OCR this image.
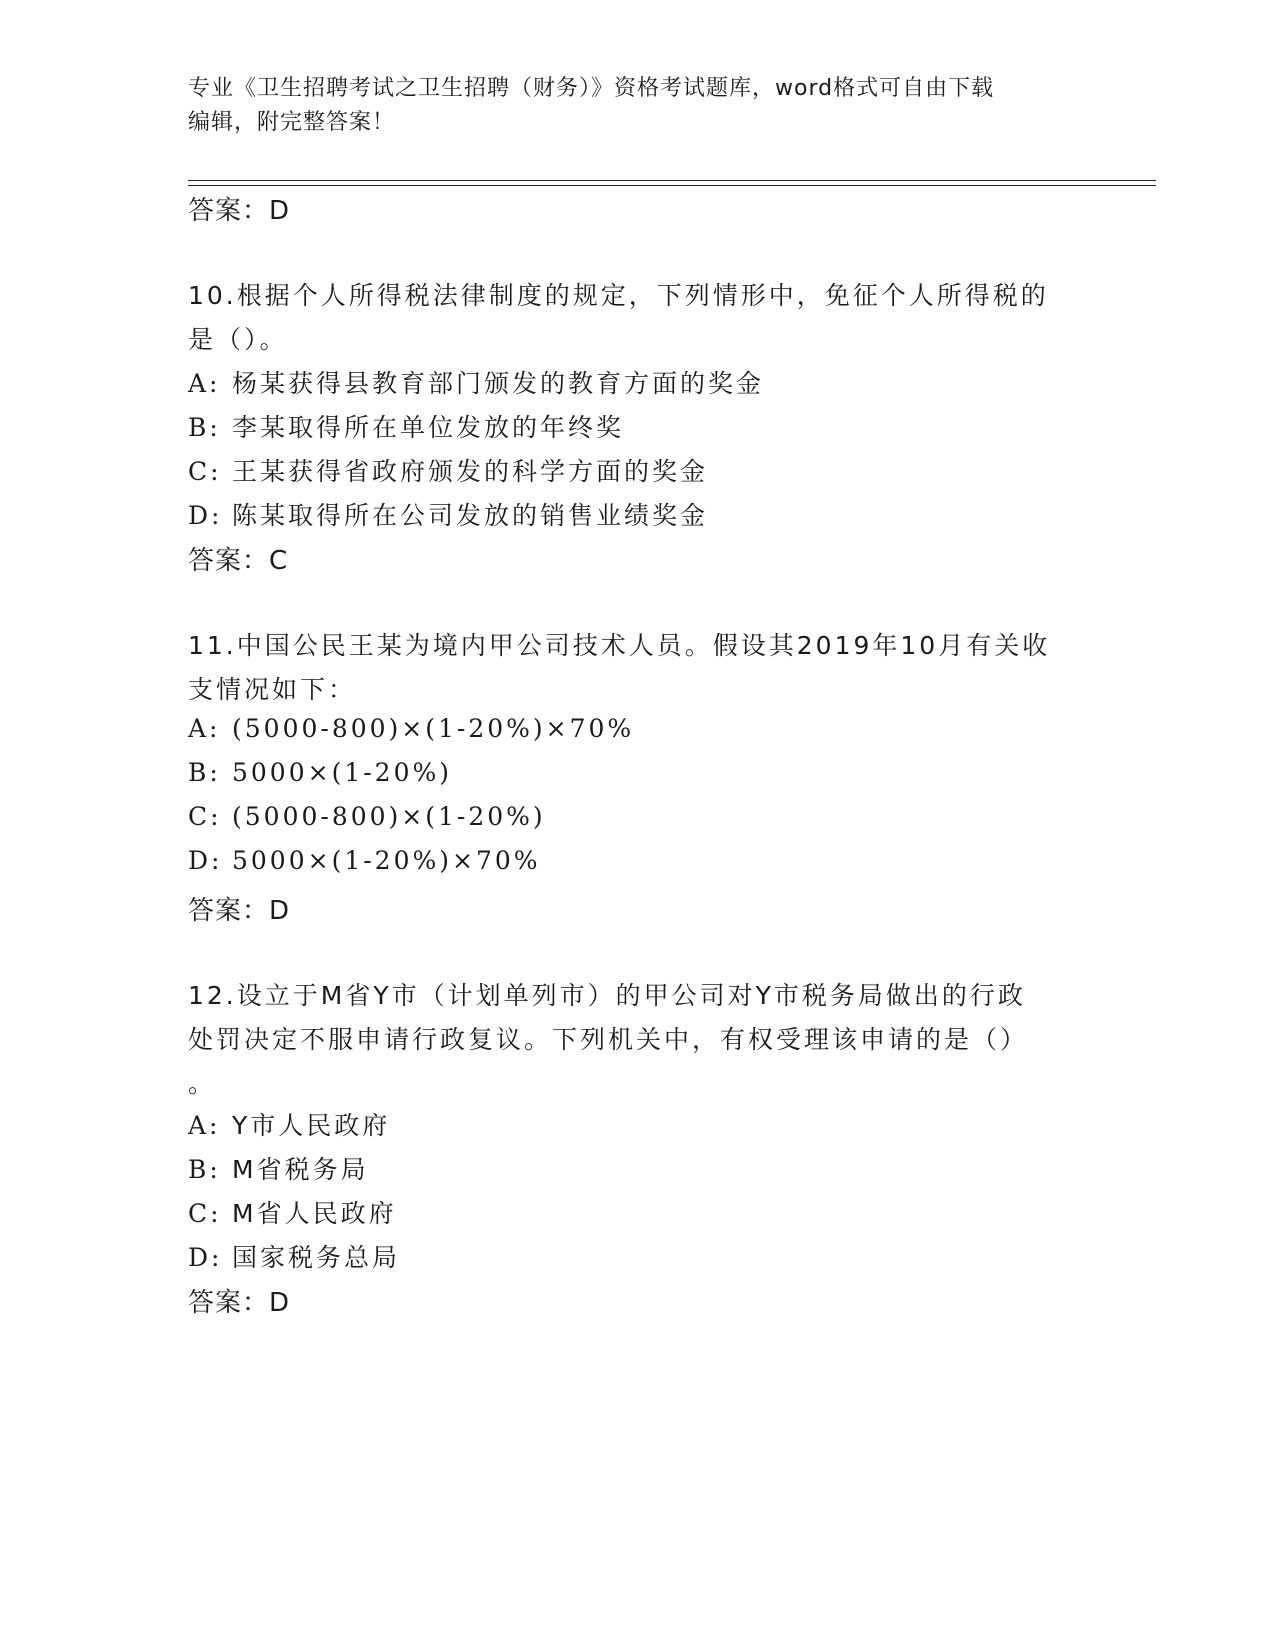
专业《卫生招聘考试之卫生招聘（财务）》资格考试题库，word格式可自由下载
编辑，附完整答案！
答案：D
10.根据个人所得税法律制度的规定，下列情形中，免征个人所得税的
是（）。
A: 杨某获得县教育部门颁发的教育方面的奖金
B: 李某取得所在单位发放的年终奖
C: 王某获得省政府颁发的科学方面的奖金
D: 陈某取得所在公司发放的销售业绩奖金
答案：C
11.中国公民王某为境内甲公司技术人员。假设其2019年10月有关收
支情况如下：
A: (5000-800)×(1-20%)×70%
B: 5000×(1-20%)
C: (5000-800)×(1-20%)
D: 5000×(1-20%)×70%
答案：D
12.设立于M省Y市（计划单列市）的甲公司对Y市税务局做出的行政
处罚决定不服申请行政复议。下列机关中，有权受理该申请的是（）
。
A: Y市人民政府
B: M省税务局
C: M省人民政府
D: 国家税务总局
答案：D
